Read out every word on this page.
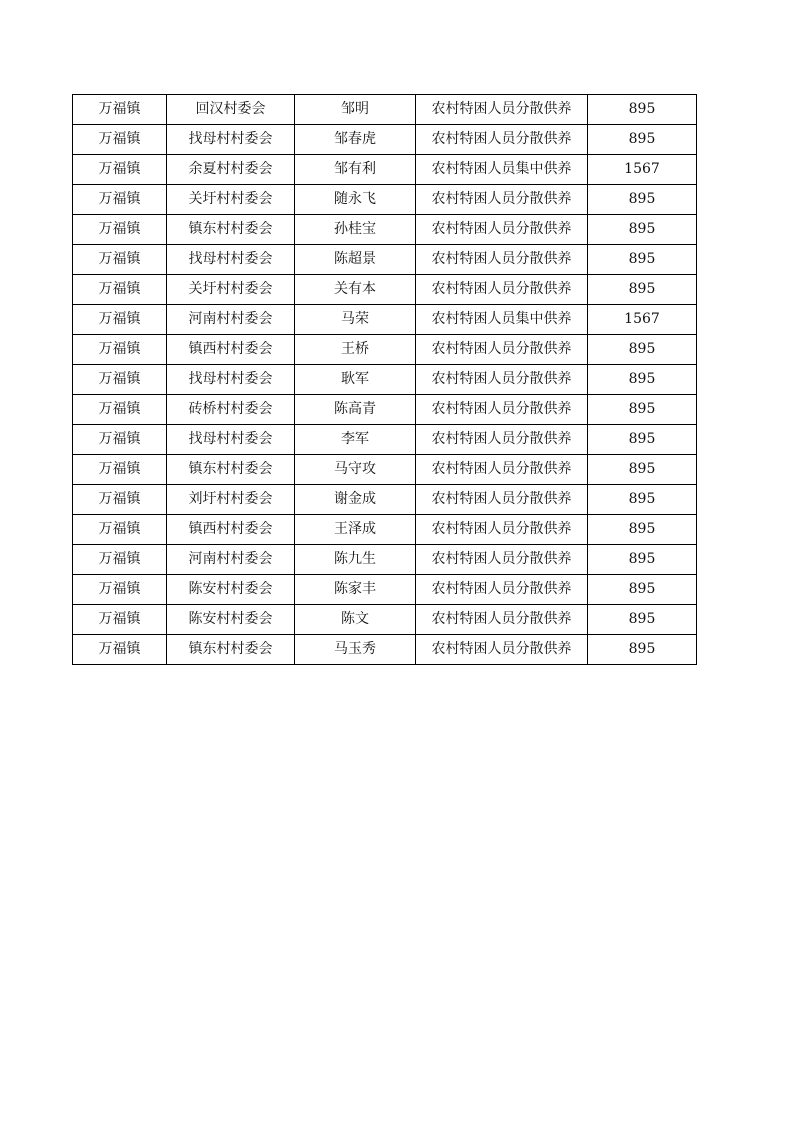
万福镇	回汉村委会	邹明	农村特困人员分散供养	895
万福镇	找母村村委会	邹春虎	农村特困人员分散供养	895
万福镇	余夏村村委会	邹有利	农村特困人员集中供养	1567
万福镇	关圩村村委会	随永飞	农村特困人员分散供养	895
万福镇	镇东村村委会	孙桂宝	农村特困人员分散供养	895
万福镇	找母村村委会	陈超景	农村特困人员分散供养	895
万福镇	关圩村村委会	关有本	农村特困人员分散供养	895
万福镇	河南村村委会	马荣	农村特困人员集中供养	1567
万福镇	镇西村村委会	王桥	农村特困人员分散供养	895
万福镇	找母村村委会	耿军	农村特困人员分散供养	895
万福镇	砖桥村村委会	陈高青	农村特困人员分散供养	895
万福镇	找母村村委会	李军	农村特困人员分散供养	895
万福镇	镇东村村委会	马守攻	农村特困人员分散供养	895
万福镇	刘圩村村委会	谢金成	农村特困人员分散供养	895
万福镇	镇西村村委会	王泽成	农村特困人员分散供养	895
万福镇	河南村村委会	陈九生	农村特困人员分散供养	895
万福镇	陈安村村委会	陈家丰	农村特困人员分散供养	895
万福镇	陈安村村委会	陈文	农村特困人员分散供养	895
万福镇	镇东村村委会	马玉秀	农村特困人员分散供养	895
